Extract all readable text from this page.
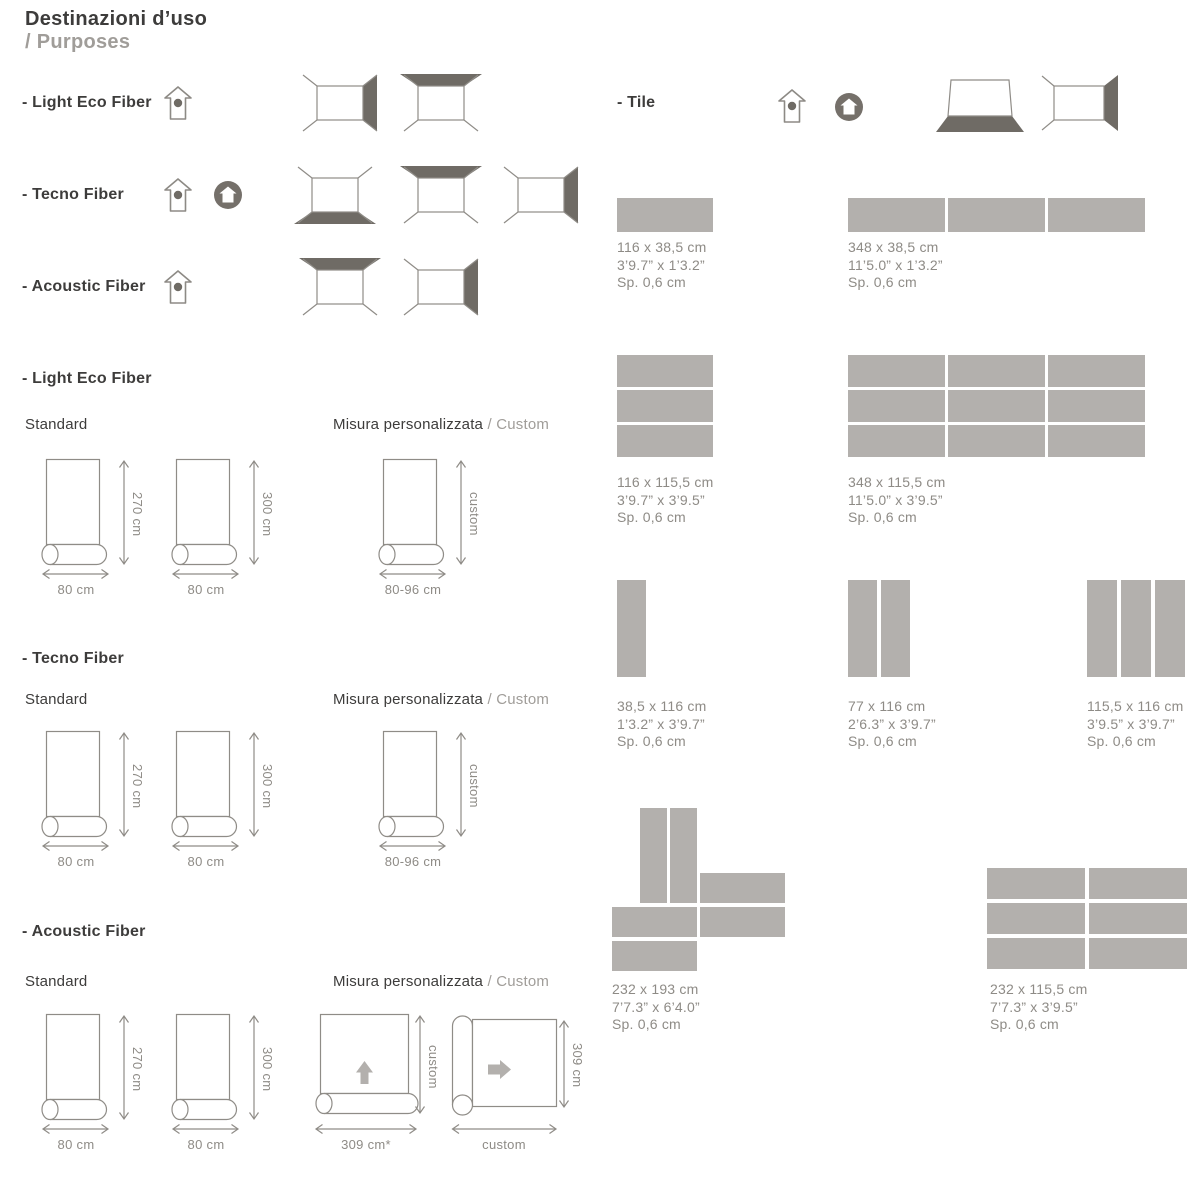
Destinazioni d’uso
/ Purposes
- Light Eco Fiber
- Tecno Fiber
- Acoustic Fiber
- Tile
116 x 38,5 cm
3’9.7” x 1’3.2”
Sp. 0,6 cm
348 x 38,5 cm
11’5.0” x 1’3.2”
Sp. 0,6 cm
116 x 115,5 cm
3’9.7” x 3’9.5”
Sp. 0,6 cm
348 x 115,5 cm
11’5.0” x 3’9.5”
Sp. 0,6 cm
38,5 x 116 cm
1’3.2” x 3’9.7”
Sp. 0,6 cm
77 x 116 cm
2’6.3” x 3’9.7”
Sp. 0,6 cm
115,5 x 116 cm
3’9.5” x 3’9.7”
Sp. 0,6 cm
232 x 193 cm
7’7.3” x 6’4.0”
Sp. 0,6 cm
232 x 115,5 cm
7’7.3” x 3’9.5”
Sp. 0,6 cm
- Light Eco Fiber
Standard	Misura personalizzata / Custom
270 cm
80 cm
300 cm
80 cm
custom
80-96 cm
- Tecno Fiber
Standard	Misura personalizzata / Custom
270 cm
80 cm
300 cm
80 cm
custom
80-96 cm
- Acoustic Fiber
Standard	Misura personalizzata / Custom
270 cm
80 cm
300 cm
80 cm
custom
309 cm*
309 cm
custom
